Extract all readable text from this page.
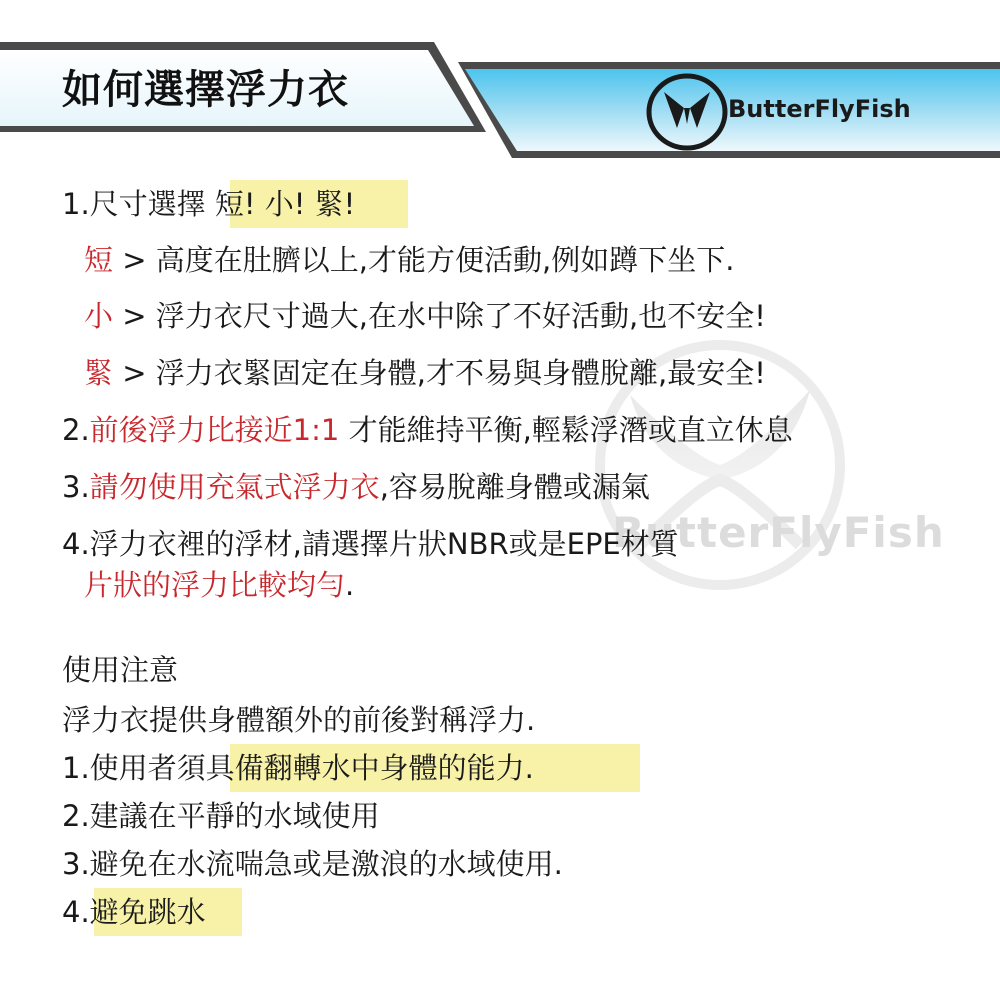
ButterFlyFish
如何選擇浮力衣	ButterFlyFish
1.尺寸選擇 短! 小! 緊!
短 > 高度在肚臍以上,才能方便活動,例如蹲下坐下.
小 > 浮力衣尺寸過大,在水中除了不好活動,也不安全!
緊 > 浮力衣緊固定在身體,才不易與身體脫離,最安全!
2.前後浮力比接近1:1 才能維持平衡,輕鬆浮潛或直立休息
3.請勿使用充氣式浮力衣,容易脫離身體或漏氣
4.浮力衣裡的浮材,請選擇片狀NBR或是EPE材質
片狀的浮力比較均勻.
使用注意
浮力衣提供身體額外的前後對稱浮力.
1.使用者須具備翻轉水中身體的能力.
2.建議在平靜的水域使用
3.避免在水流喘急或是激浪的水域使用.
4.避免跳水
